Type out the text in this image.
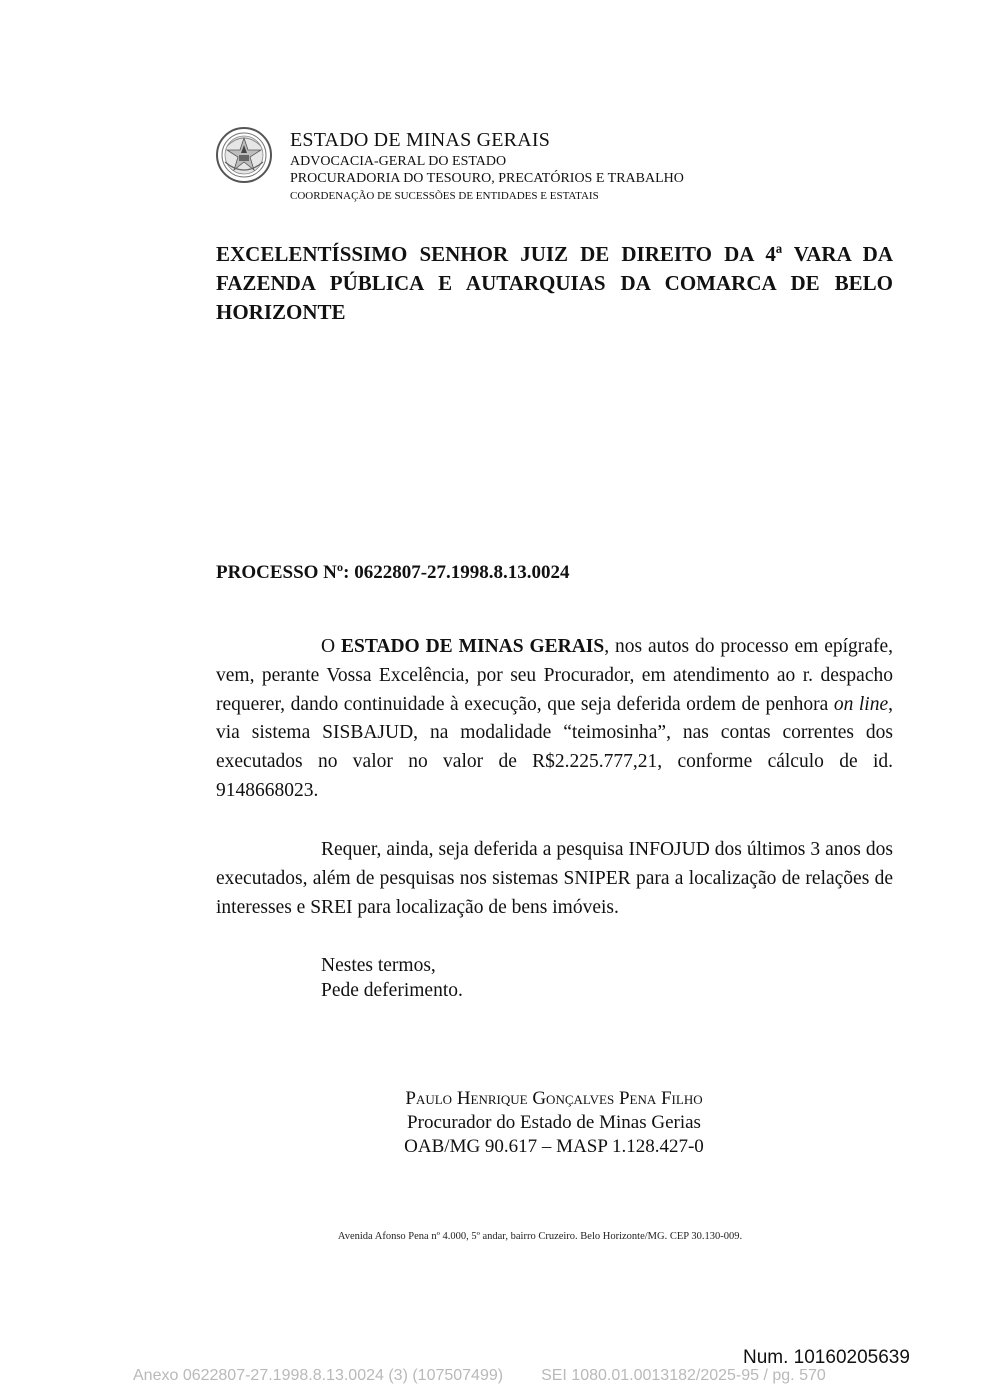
ESTADO DE MINAS GERAIS
ADVOCACIA-GERAL DO ESTADO
PROCURADORIA DO TESOURO, PRECATÓRIOS E TRABALHO
COORDENAÇÃO DE SUCESSÕES DE ENTIDADES E ESTATAIS
EXCELENTÍSSIMO SENHOR JUIZ DE DIREITO DA 4ª VARA DA FAZENDA PÚBLICA E AUTARQUIAS DA COMARCA DE BELO HORIZONTE
PROCESSO Nº: 0622807-27.1998.8.13.0024
O ESTADO DE MINAS GERAIS, nos autos do processo em epígrafe, vem, perante Vossa Excelência, por seu Procurador, em atendimento ao r. despacho requerer, dando continuidade à execução, que seja deferida ordem de penhora on line, via sistema SISBAJUD, na modalidade “teimosinha”, nas contas correntes dos executados no valor no valor de R$2.225.777,21, conforme cálculo de id. 9148668023.
Requer, ainda, seja deferida a pesquisa INFOJUD dos últimos 3 anos dos executados, além de pesquisas nos sistemas SNIPER para a localização de relações de interesses e SREI para localização de bens imóveis.
Nestes termos,
Pede deferimento.
Paulo Henrique Gonçalves Pena Filho
Procurador do Estado de Minas Gerias
OAB/MG 90.617 – MASP 1.128.427-0
Avenida Afonso Pena nº 4.000, 5º andar, bairro Cruzeiro. Belo Horizonte/MG. CEP 30.130-009.
Num. 10160205639
Anexo 0622807-27.1998.8.13.0024 (3) (107507499) SEI 1080.01.0013182/2025-95 / pg. 570
